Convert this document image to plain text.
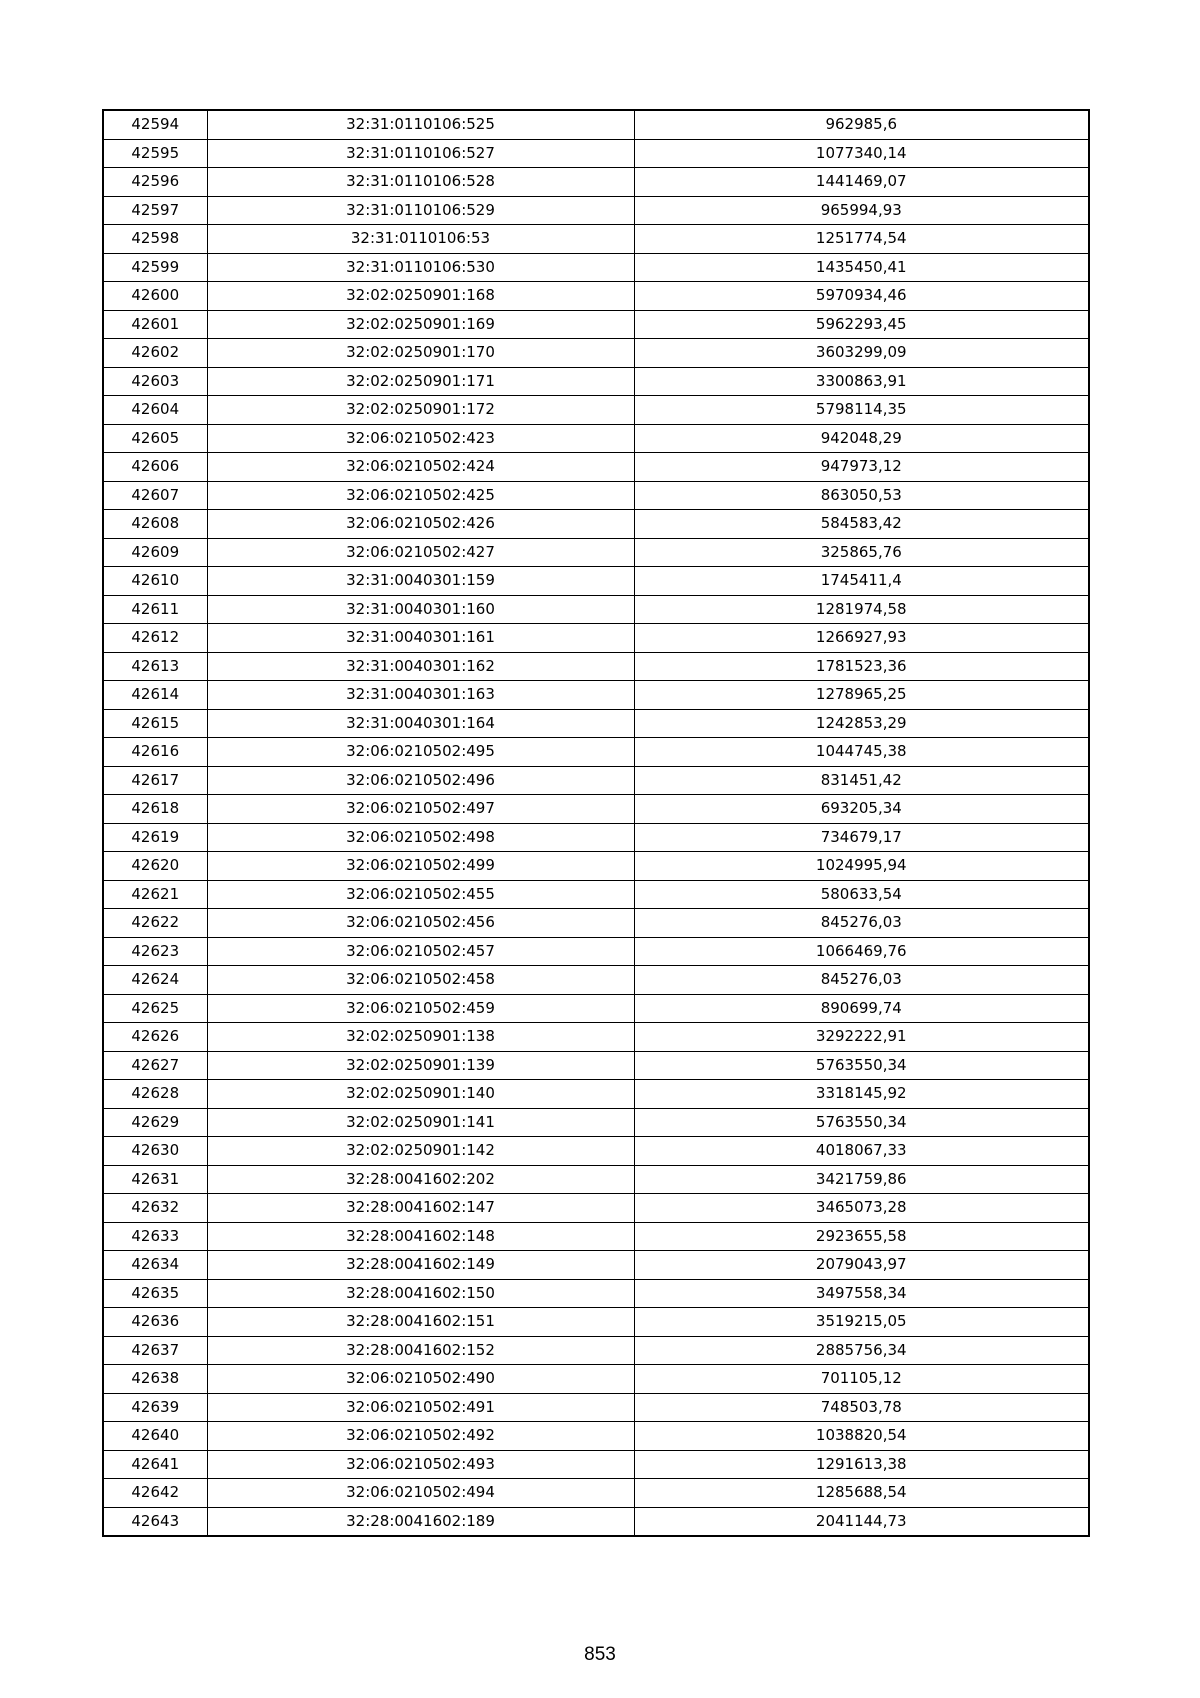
42594	32:31:0110106:525	962985,6
42595	32:31:0110106:527	1077340,14
42596	32:31:0110106:528	1441469,07
42597	32:31:0110106:529	965994,93
42598	32:31:0110106:53	1251774,54
42599	32:31:0110106:530	1435450,41
42600	32:02:0250901:168	5970934,46
42601	32:02:0250901:169	5962293,45
42602	32:02:0250901:170	3603299,09
42603	32:02:0250901:171	3300863,91
42604	32:02:0250901:172	5798114,35
42605	32:06:0210502:423	942048,29
42606	32:06:0210502:424	947973,12
42607	32:06:0210502:425	863050,53
42608	32:06:0210502:426	584583,42
42609	32:06:0210502:427	325865,76
42610	32:31:0040301:159	1745411,4
42611	32:31:0040301:160	1281974,58
42612	32:31:0040301:161	1266927,93
42613	32:31:0040301:162	1781523,36
42614	32:31:0040301:163	1278965,25
42615	32:31:0040301:164	1242853,29
42616	32:06:0210502:495	1044745,38
42617	32:06:0210502:496	831451,42
42618	32:06:0210502:497	693205,34
42619	32:06:0210502:498	734679,17
42620	32:06:0210502:499	1024995,94
42621	32:06:0210502:455	580633,54
42622	32:06:0210502:456	845276,03
42623	32:06:0210502:457	1066469,76
42624	32:06:0210502:458	845276,03
42625	32:06:0210502:459	890699,74
42626	32:02:0250901:138	3292222,91
42627	32:02:0250901:139	5763550,34
42628	32:02:0250901:140	3318145,92
42629	32:02:0250901:141	5763550,34
42630	32:02:0250901:142	4018067,33
42631	32:28:0041602:202	3421759,86
42632	32:28:0041602:147	3465073,28
42633	32:28:0041602:148	2923655,58
42634	32:28:0041602:149	2079043,97
42635	32:28:0041602:150	3497558,34
42636	32:28:0041602:151	3519215,05
42637	32:28:0041602:152	2885756,34
42638	32:06:0210502:490	701105,12
42639	32:06:0210502:491	748503,78
42640	32:06:0210502:492	1038820,54
42641	32:06:0210502:493	1291613,38
42642	32:06:0210502:494	1285688,54
42643	32:28:0041602:189	2041144,73
853
